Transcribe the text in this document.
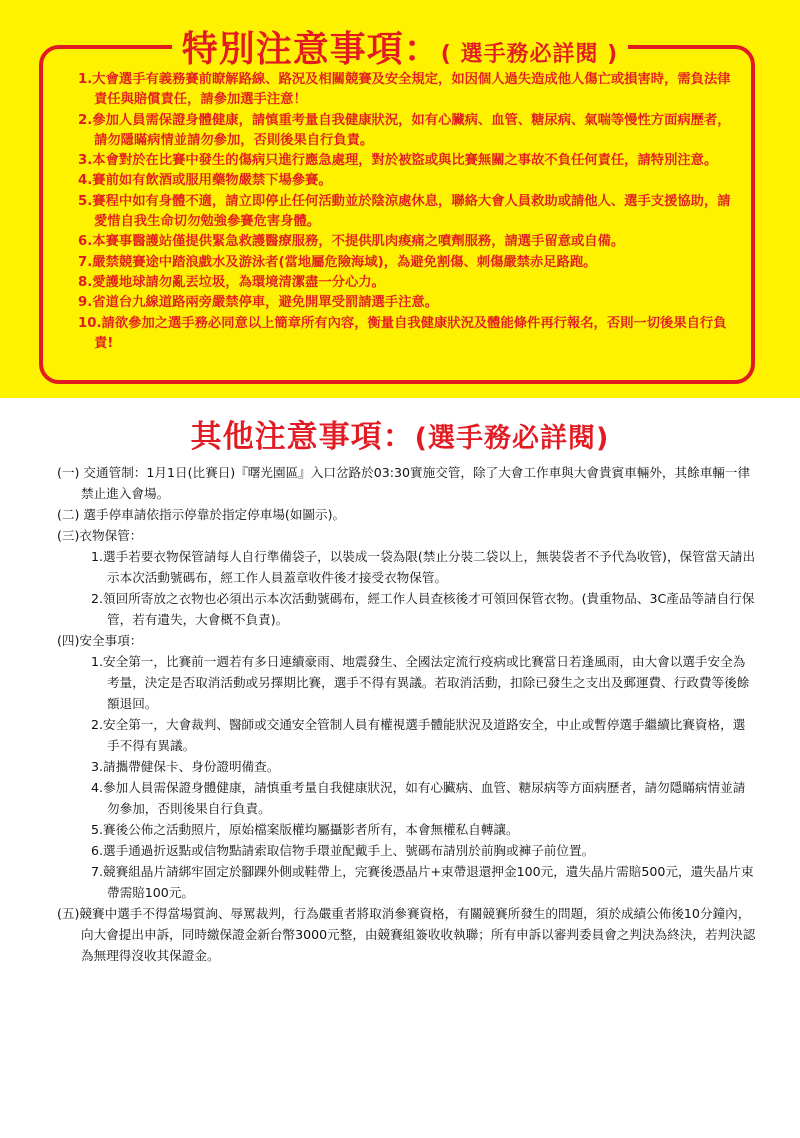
特別注意事項：( 選手務必詳閱 )
1.大會選手有義務賽前瞭解路線、路況及相關競賽及安全規定，如因個人過失造成他人傷亡或損害時，需負法律責任與賠償責任，請參加選手注意！
2.參加人員需保證身體健康，請慎重考量自我健康狀況，如有心臟病、血管、糖尿病、氣喘等慢性方面病歷者，請勿隱瞞病情並請勿參加，否則後果自行負責。
3.本會對於在比賽中發生的傷病只進行應急處理，對於被盜或與比賽無關之事故不負任何責任，請特別注意。
4.賽前如有飲酒或服用藥物嚴禁下場參賽。
5.賽程中如有身體不適，請立即停止任何活動並於陰涼處休息，聯絡大會人員救助或請他人、選手支援協助，請愛惜自我生命切勿勉強參賽危害身體。
6.本賽事醫護站僅提供緊急救護醫療服務，不提供肌肉痠痛之噴劑服務，請選手留意或自備。
7.嚴禁競賽途中踏浪戲水及游泳者(當地屬危險海域)，為避免割傷、刺傷嚴禁赤足路跑。
8.愛護地球請勿亂丟垃圾，為環境清潔盡一分心力。
9.省道台九線道路兩旁嚴禁停車，避免開單受罰請選手注意。
10.請欲參加之選手務必同意以上簡章所有內容，衡量自我健康狀況及體能條件再行報名，否則一切後果自行負責!
其他注意事項：(選手務必詳閱)
(一) 交通管制：1月1日(比賽日)『曙光園區』入口岔路於03:30實施交管，除了大會工作車與大會貴賓車輛外，其餘車輛一律禁止進入會場。
(二) 選手停車請依指示停靠於指定停車場(如圖示)。
(三)衣物保管：
1.選手若要衣物保管請每人自行準備袋子，以裝成一袋為限(禁止分裝二袋以上，無裝袋者不予代為收管)，保管當天請出示本次活動號碼布，經工作人員蓋章收件後才接受衣物保管。
2.領回所寄放之衣物也必須出示本次活動號碼布，經工作人員查核後才可領回保管衣物。(貴重物品、3C產品等請自行保管，若有遺失，大會概不負責)。
(四)安全事項：
1.安全第一，比賽前一週若有多日連續豪雨、地震發生、全國法定流行疫病或比賽當日若逢風雨，由大會以選手安全為考量，決定是否取消活動或另擇期比賽，選手不得有異議。若取消活動，扣除已發生之支出及郵運費、行政費等後餘額退回。
2.安全第一，大會裁判、醫師或交通安全管制人員有權視選手體能狀況及道路安全，中止或暫停選手繼續比賽資格，選手不得有異議。
3.請攜帶健保卡、身份證明備查。
4.參加人員需保證身體健康，請慎重考量自我健康狀況，如有心臟病、血管、糖尿病等方面病歷者，請勿隱瞞病情並請勿參加，否則後果自行負責。
5.賽後公佈之活動照片，原始檔案版權均屬攝影者所有，本會無權私自轉讓。
6.選手通過折返點或信物點請索取信物手環並配戴手上、號碼布請別於前胸或褲子前位置。
7.競賽組晶片請綁牢固定於腳踝外側或鞋帶上，完賽後憑晶片+束帶退還押金100元，遺失晶片需賠500元，遺失晶片束帶需賠100元。
(五)競賽中選手不得當場質詢、辱罵裁判，行為嚴重者將取消參賽資格，有關競賽所發生的問題，須於成績公佈後10分鐘內，向大會提出申訴，同時繳保證金新台幣3000元整，由競賽組簽收收執聯；所有申訴以審判委員會之判決為終決，若判決認為無理得沒收其保證金。
